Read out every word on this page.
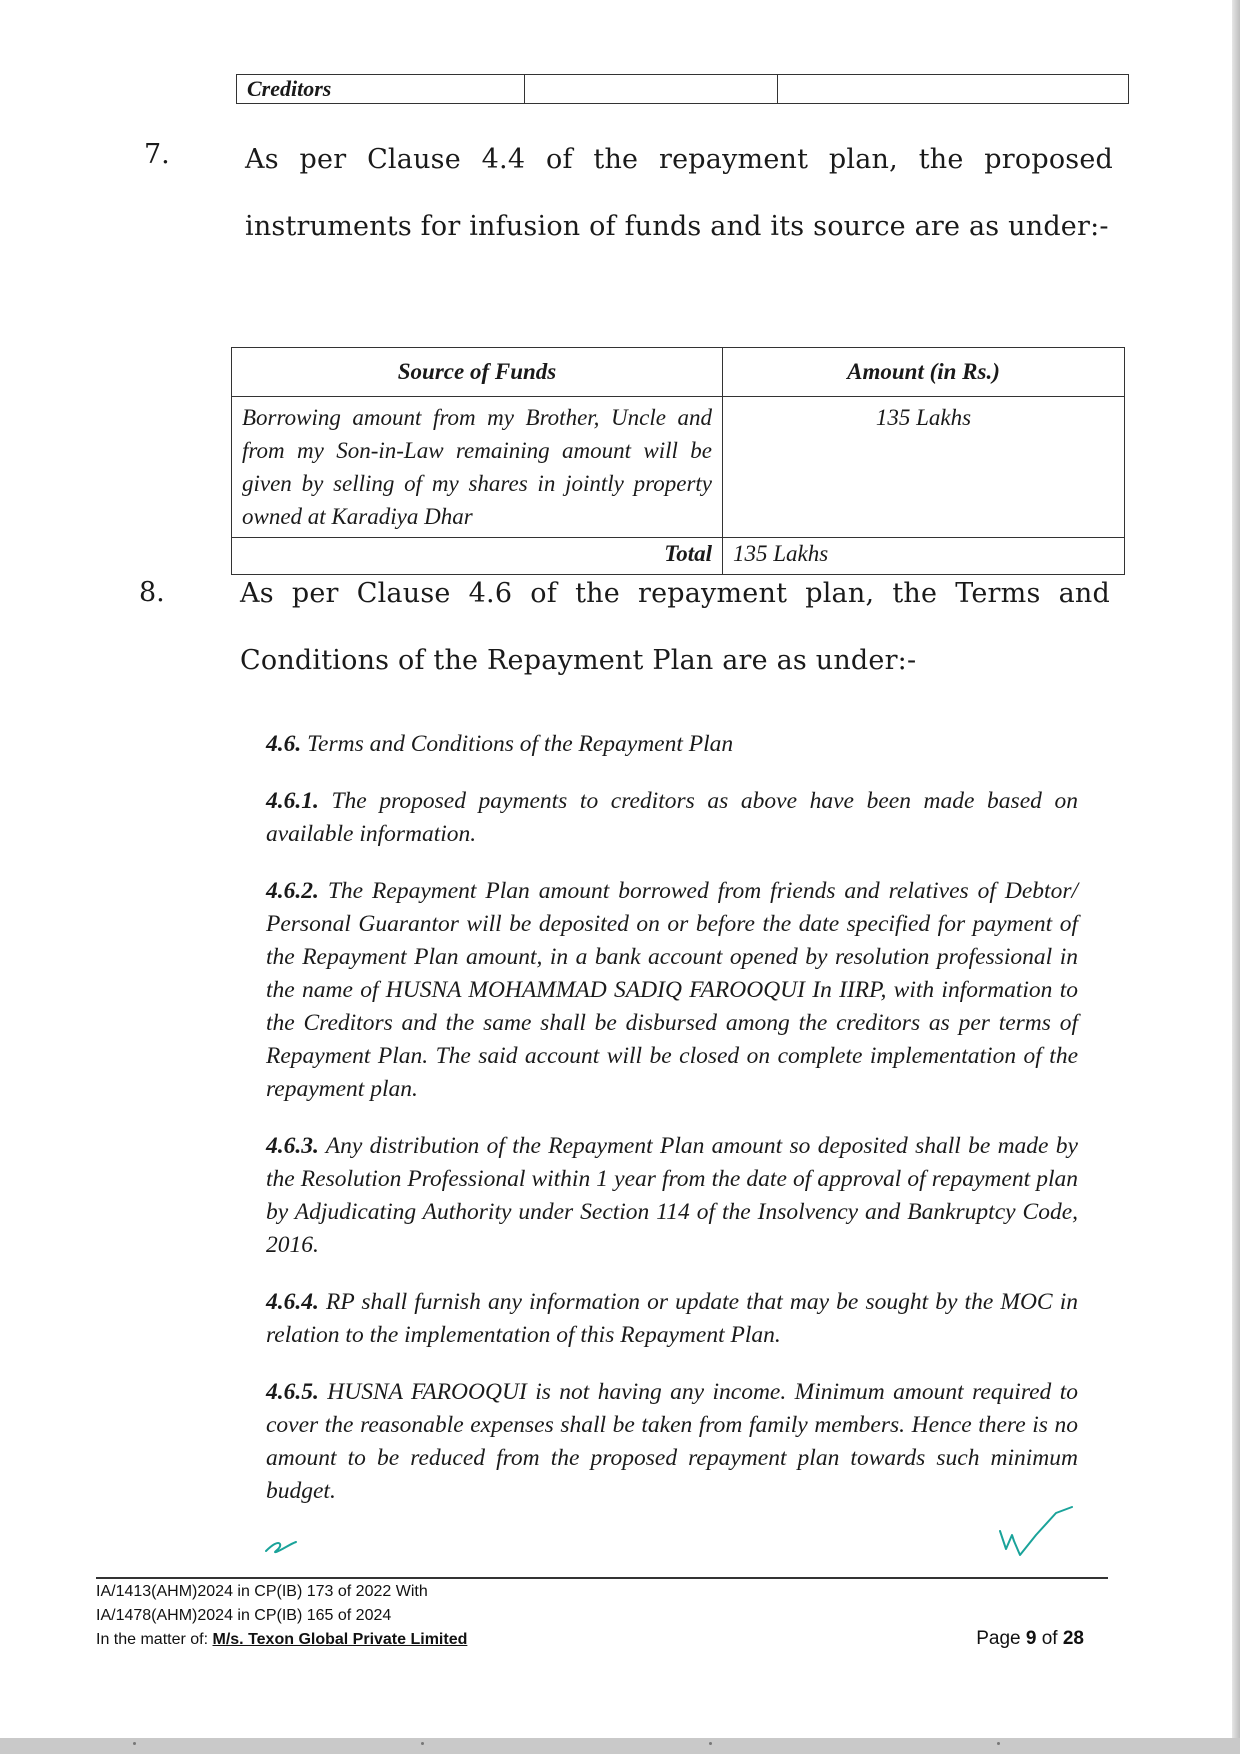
Creditors		
7.	As per Clause 4.4 of the repayment plan, the proposed instruments for infusion of funds and its source are as under:-
Source of Funds	Amount (in Rs.)
Borrowing amount from my Brother, Uncle and from my Son-in-Law remaining amount will be given by selling of my shares in jointly property owned at Karadiya Dhar	135 Lakhs
Total	135 Lakhs
8.	As per Clause 4.6 of the repayment plan, the Terms and Conditions of the Repayment Plan are as under:-

4.6. Terms and Conditions of the Repayment Plan

4.6.1. The proposed payments to creditors as above have been made based on available information.

4.6.2. The Repayment Plan amount borrowed from friends and relatives of Debtor/ Personal Guarantor will be deposited on or before the date specified for payment of the Repayment Plan amount, in a bank account opened by resolution professional in the name of HUSNA MOHAMMAD SADIQ FAROOQUI In IIRP, with information to the Creditors and the same shall be disbursed among the creditors as per terms of Repayment Plan. The said account will be closed on complete implementation of the repayment plan.

4.6.3. Any distribution of the Repayment Plan amount so deposited shall be made by the Resolution Professional within 1 year from the date of approval of repayment plan by Adjudicating Authority under Section 114 of the Insolvency and Bankruptcy Code, 2016.

4.6.4. RP shall furnish any information or update that may be sought by the MOC in relation to the implementation of this Repayment Plan.

4.6.5. HUSNA FAROOQUI is not having any income. Minimum amount required to cover the reasonable expenses shall be taken from family members. Hence there is no amount to be reduced from the proposed repayment plan towards such minimum budget.

IA/1413(AHM)2024 in CP(IB) 173 of 2022 With
IA/1478(AHM)2024 in CP(IB) 165 of 2024
In the matter of: M/s. Texon Global Private Limited	Page 9 of 28
